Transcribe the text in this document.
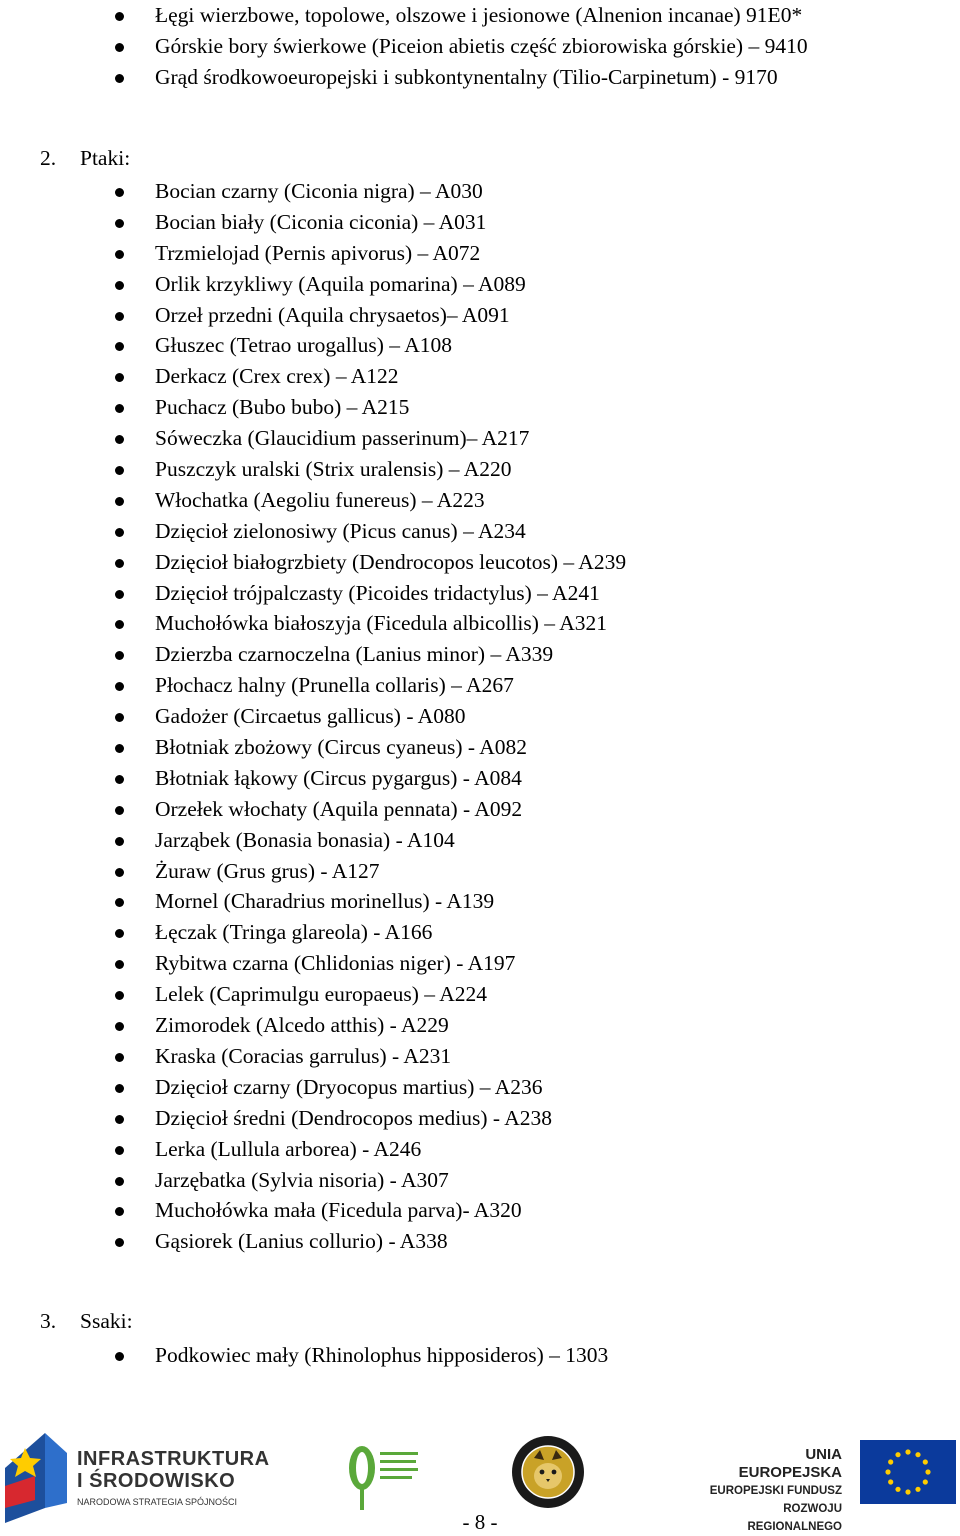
Łęgi wierzbowe, topolowe, olszowe i jesionowe (Alnenion incanae) 91E0*
Górskie bory świerkowe (Piceion abietis część zbiorowiska górskie) – 9410
Grąd środkowoeuropejski i subkontynentalny (Tilio-Carpinetum) - 9170
2. Ptaki:
Bocian czarny (Ciconia nigra) – A030
Bocian biały (Ciconia ciconia) – A031
Trzmielojad (Pernis apivorus) – A072
Orlik krzykliwy (Aquila pomarina) – A089
Orzeł przedni (Aquila chrysaetos)– A091
Głuszec (Tetrao urogallus) – A108
Derkacz (Crex crex) – A122
Puchacz (Bubo bubo) – A215
Sóweczka (Glaucidium passerinum)– A217
Puszczyk uralski (Strix uralensis) – A220
Włochatka (Aegoliu funereus) – A223
Dzięcioł zielonosiwy (Picus canus) – A234
Dzięcioł białogrzbiety (Dendrocopos leucotos) – A239
Dzięcioł trójpalczasty (Picoides tridactylus) – A241
Muchołówka białoszyja (Ficedula albicollis) – A321
Dzierzba czarnoczelna (Lanius minor) – A339
Płochacz halny (Prunella collaris) – A267
Gadożer (Circaetus gallicus) - A080
Błotniak zbożowy (Circus cyaneus) - A082
Błotniak łąkowy (Circus pygargus) - A084
Orzełek włochaty (Aquila pennata) - A092
Jarząbek (Bonasia bonasia) - A104
Żuraw (Grus grus) - A127
Mornel (Charadrius morinellus) - A139
Łęczak (Tringa glareola) - A166
Rybitwa czarna (Chlidonias niger) - A197
Lelek (Caprimulgu europaeus) – A224
Zimorodek (Alcedo atthis) - A229
Kraska (Coracias garrulus) - A231
Dzięcioł czarny (Dryocopus martius) – A236
Dzięcioł średni (Dendrocopos medius) - A238
Lerka (Lullula arborea) - A246
Jarzębatka (Sylvia nisoria) - A307
Muchołówka mała (Ficedula parva)- A320
Gąsiorek (Lanius collurio) - A338
3. Ssaki:
Podkowiec mały (Rhinolophus hipposideros) – 1303
INFRASTRUKTURA
I ŚRODOWISKO
NARODOWA STRATEGIA SPÓJNOŚCI
UNIA EUROPEJSKA
EUROPEJSKI FUNDUSZ
ROZWOJU REGIONALNEGO
- 8 -
